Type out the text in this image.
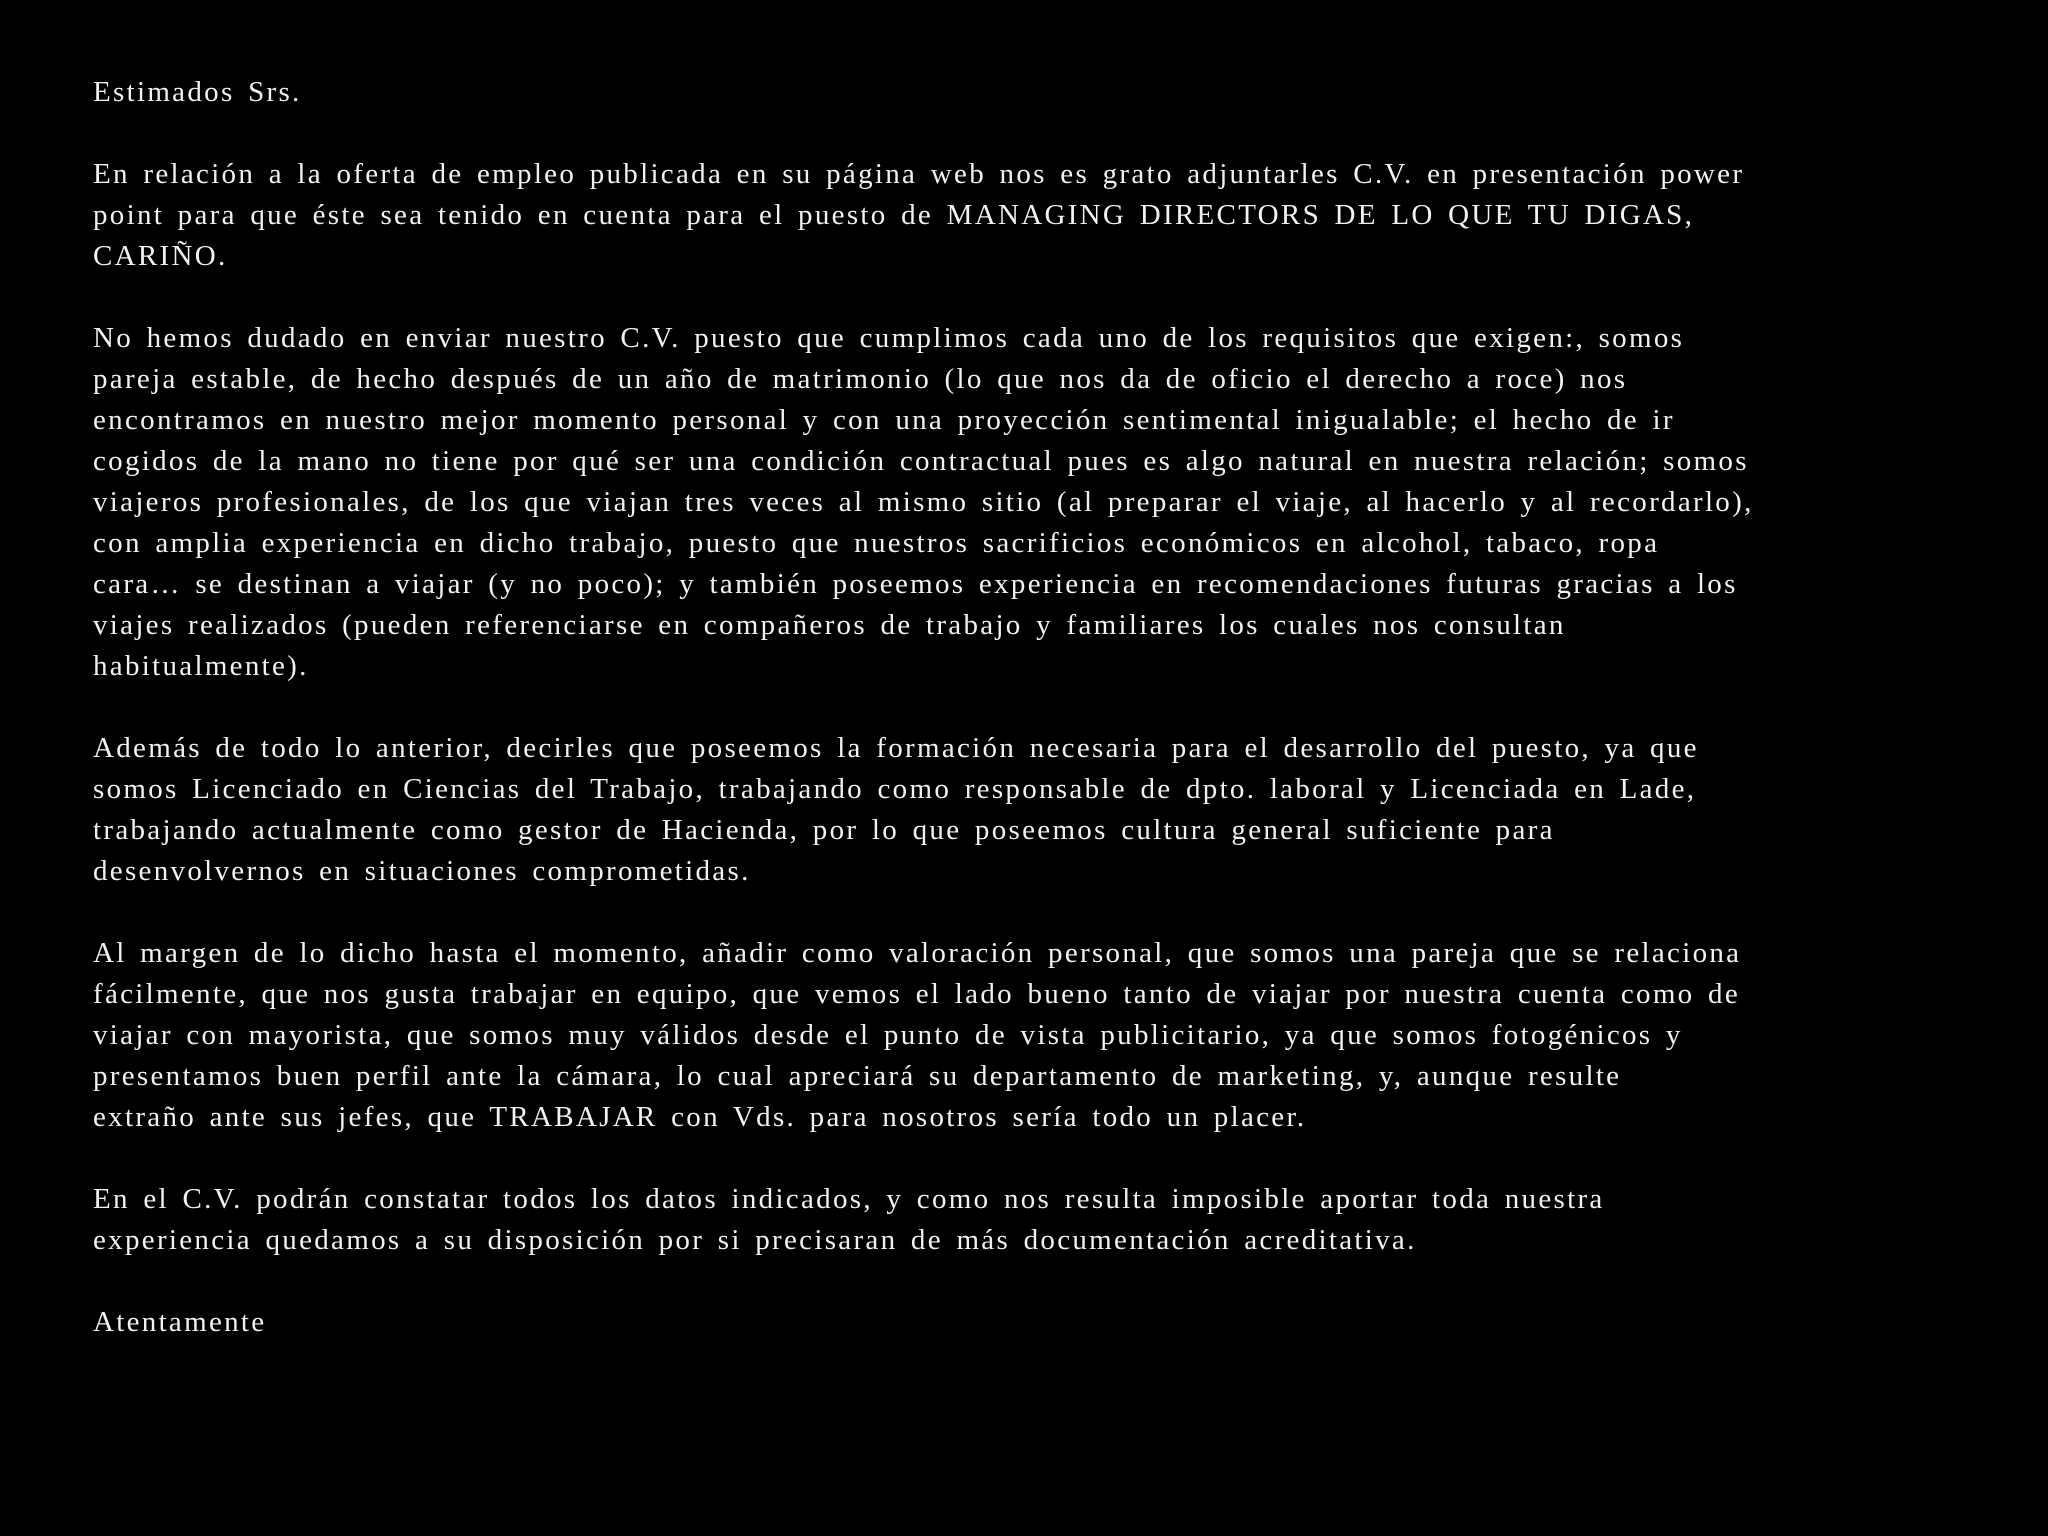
Estimados Srs.

En relación a la oferta de empleo publicada en su página web nos es grato adjuntarles C.V. en presentación power
point para que éste sea tenido en cuenta para el puesto de MANAGING DIRECTORS DE LO QUE TU DIGAS,
CARIÑO.

No hemos dudado en enviar nuestro C.V. puesto que cumplimos cada uno de los requisitos que exigen:, somos
pareja estable, de hecho después de un año de matrimonio (lo que nos da de oficio el derecho a roce) nos
encontramos en nuestro mejor momento personal y con una proyección sentimental inigualable; el hecho de ir
cogidos de la mano no tiene por qué ser una condición contractual pues es algo natural en nuestra relación; somos
viajeros profesionales, de los que viajan tres veces al mismo sitio (al preparar el viaje, al hacerlo y al recordarlo),
con amplia experiencia en dicho trabajo, puesto que nuestros sacrificios económicos en alcohol, tabaco, ropa
cara… se destinan a viajar (y no poco); y también poseemos experiencia en recomendaciones futuras gracias a los
viajes realizados (pueden referenciarse en compañeros de trabajo y familiares los cuales nos consultan
habitualmente).

Además de todo lo anterior, decirles que poseemos la formación necesaria para el desarrollo del puesto, ya que
somos Licenciado en Ciencias del Trabajo, trabajando como responsable de dpto. laboral y Licenciada en Lade,
trabajando actualmente como gestor de Hacienda, por lo que poseemos cultura general suficiente para
desenvolvernos en situaciones comprometidas.

Al margen de lo dicho hasta el momento, añadir como valoración personal, que somos una pareja que se relaciona
fácilmente, que nos gusta trabajar en equipo, que vemos el lado bueno tanto de viajar por nuestra cuenta como de
viajar con mayorista, que somos muy válidos desde el punto de vista publicitario, ya que somos fotogénicos y
presentamos buen perfil ante la cámara, lo cual apreciará su departamento de marketing, y, aunque resulte
extraño ante sus jefes, que TRABAJAR con Vds. para nosotros sería todo un placer.

En el C.V. podrán constatar todos los datos indicados, y como nos resulta imposible aportar toda nuestra
experiencia quedamos a su disposición por si precisaran de más documentación acreditativa.

Atentamente
